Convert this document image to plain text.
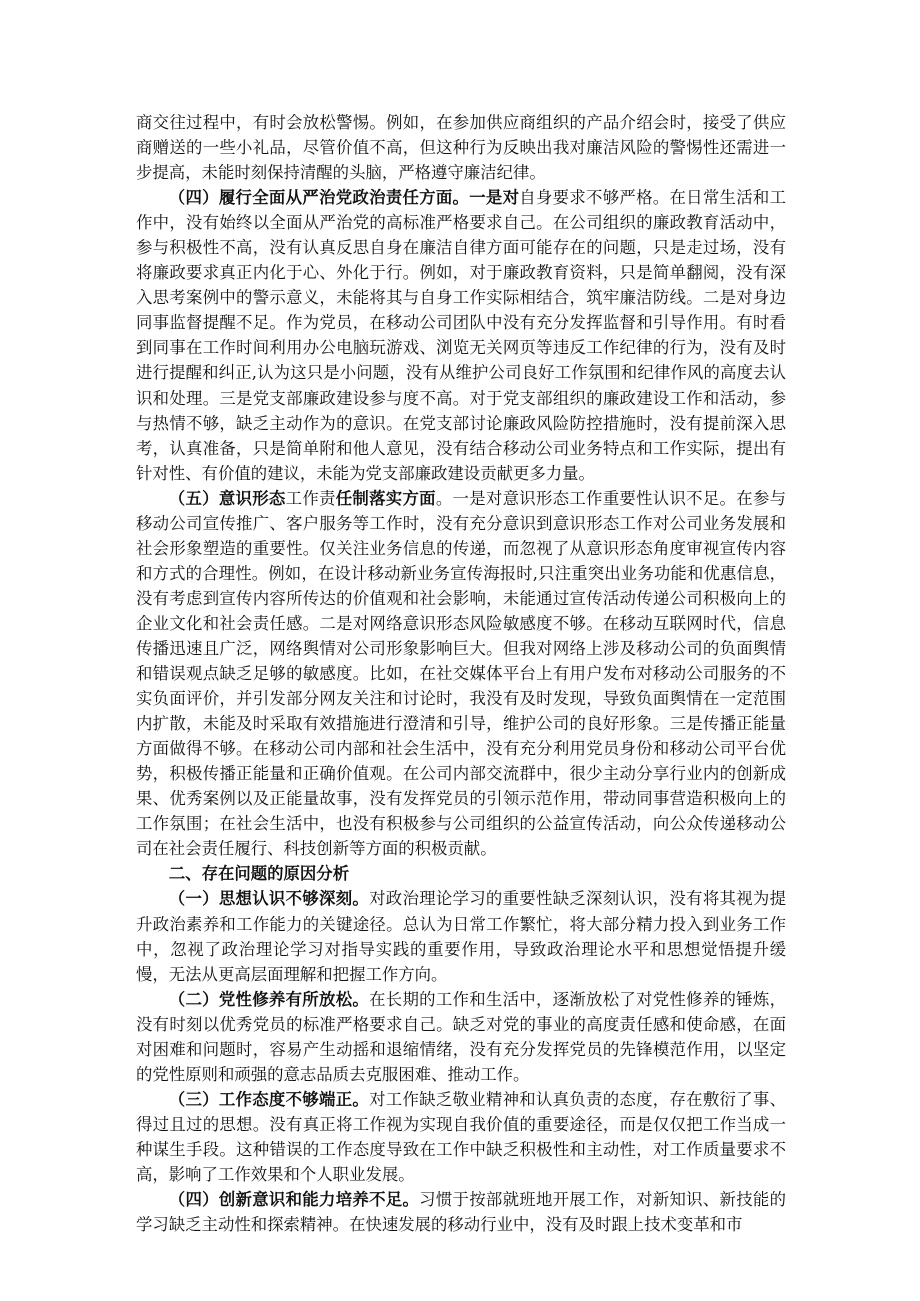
商交往过程中，有时会放松警惕。例如，在参加供应商组织的产品介绍会时，接受了供应商赠送的一些小礼品，尽管价值不高，但这种行为反映出我对廉洁风险的警惕性还需进一步提高，未能时刻保持清醒的头脑，严格遵守廉洁纪律。

（四）履行全面从严治党政治责任方面。一是对自身要求不够严格。在日常生活和工作中，没有始终以全面从严治党的高标准严格要求自己。在公司组织的廉政教育活动中，参与积极性不高，没有认真反思自身在廉洁自律方面可能存在的问题，只是走过场，没有将廉政要求真正内化于心、外化于行。例如，对于廉政教育资料，只是简单翻阅，没有深入思考案例中的警示意义，未能将其与自身工作实际相结合，筑牢廉洁防线。二是对身边同事监督提醒不足。作为党员，在移动公司团队中没有充分发挥监督和引导作用。有时看到同事在工作时间利用办公电脑玩游戏、浏览无关网页等违反工作纪律的行为，没有及时进行提醒和纠正,认为这只是小问题，没有从维护公司良好工作氛围和纪律作风的高度去认识和处理。三是党支部廉政建设参与度不高。对于党支部组织的廉政建设工作和活动，参与热情不够，缺乏主动作为的意识。在党支部讨论廉政风险防控措施时，没有提前深入思考，认真准备，只是简单附和他人意见，没有结合移动公司业务特点和工作实际，提出有针对性、有价值的建议，未能为党支部廉政建设贡献更多力量。

（五）意识形态工作责任制落实方面。一是对意识形态工作重要性认识不足。在参与移动公司宣传推广、客户服务等工作时，没有充分意识到意识形态工作对公司业务发展和社会形象塑造的重要性。仅关注业务信息的传递，而忽视了从意识形态角度审视宣传内容和方式的合理性。例如，在设计移动新业务宣传海报时,只注重突出业务功能和优惠信息，没有考虑到宣传内容所传达的价值观和社会影响，未能通过宣传活动传递公司积极向上的企业文化和社会责任感。二是对网络意识形态风险敏感度不够。在移动互联网时代，信息传播迅速且广泛，网络舆情对公司形象影响巨大。但我对网络上涉及移动公司的负面舆情和错误观点缺乏足够的敏感度。比如，在社交媒体平台上有用户发布对移动公司服务的不实负面评价，并引发部分网友关注和讨论时，我没有及时发现，导致负面舆情在一定范围内扩散，未能及时采取有效措施进行澄清和引导，维护公司的良好形象。三是传播正能量方面做得不够。在移动公司内部和社会生活中，没有充分利用党员身份和移动公司平台优势，积极传播正能量和正确价值观。在公司内部交流群中，很少主动分享行业内的创新成果、优秀案例以及正能量故事，没有发挥党员的引领示范作用，带动同事营造积极向上的工作氛围；在社会生活中，也没有积极参与公司组织的公益宣传活动，向公众传递移动公司在社会责任履行、科技创新等方面的积极贡献。

二、存在问题的原因分析

（一）思想认识不够深刻。对政治理论学习的重要性缺乏深刻认识，没有将其视为提升政治素养和工作能力的关键途径。总认为日常工作繁忙，将大部分精力投入到业务工作中，忽视了政治理论学习对指导实践的重要作用，导致政治理论水平和思想觉悟提升缓慢，无法从更高层面理解和把握工作方向。

（二）党性修养有所放松。在长期的工作和生活中，逐渐放松了对党性修养的锤炼，没有时刻以优秀党员的标准严格要求自己。缺乏对党的事业的高度责任感和使命感，在面对困难和问题时，容易产生动摇和退缩情绪，没有充分发挥党员的先锋模范作用，以坚定的党性原则和顽强的意志品质去克服困难、推动工作。

（三）工作态度不够端正。对工作缺乏敬业精神和认真负责的态度，存在敷衍了事、得过且过的思想。没有真正将工作视为实现自我价值的重要途径，而是仅仅把工作当成一种谋生手段。这种错误的工作态度导致在工作中缺乏积极性和主动性，对工作质量要求不高，影响了工作效果和个人职业发展。

（四）创新意识和能力培养不足。习惯于按部就班地开展工作，对新知识、新技能的学习缺乏主动性和探索精神。在快速发展的移动行业中，没有及时跟上技术变革和市
